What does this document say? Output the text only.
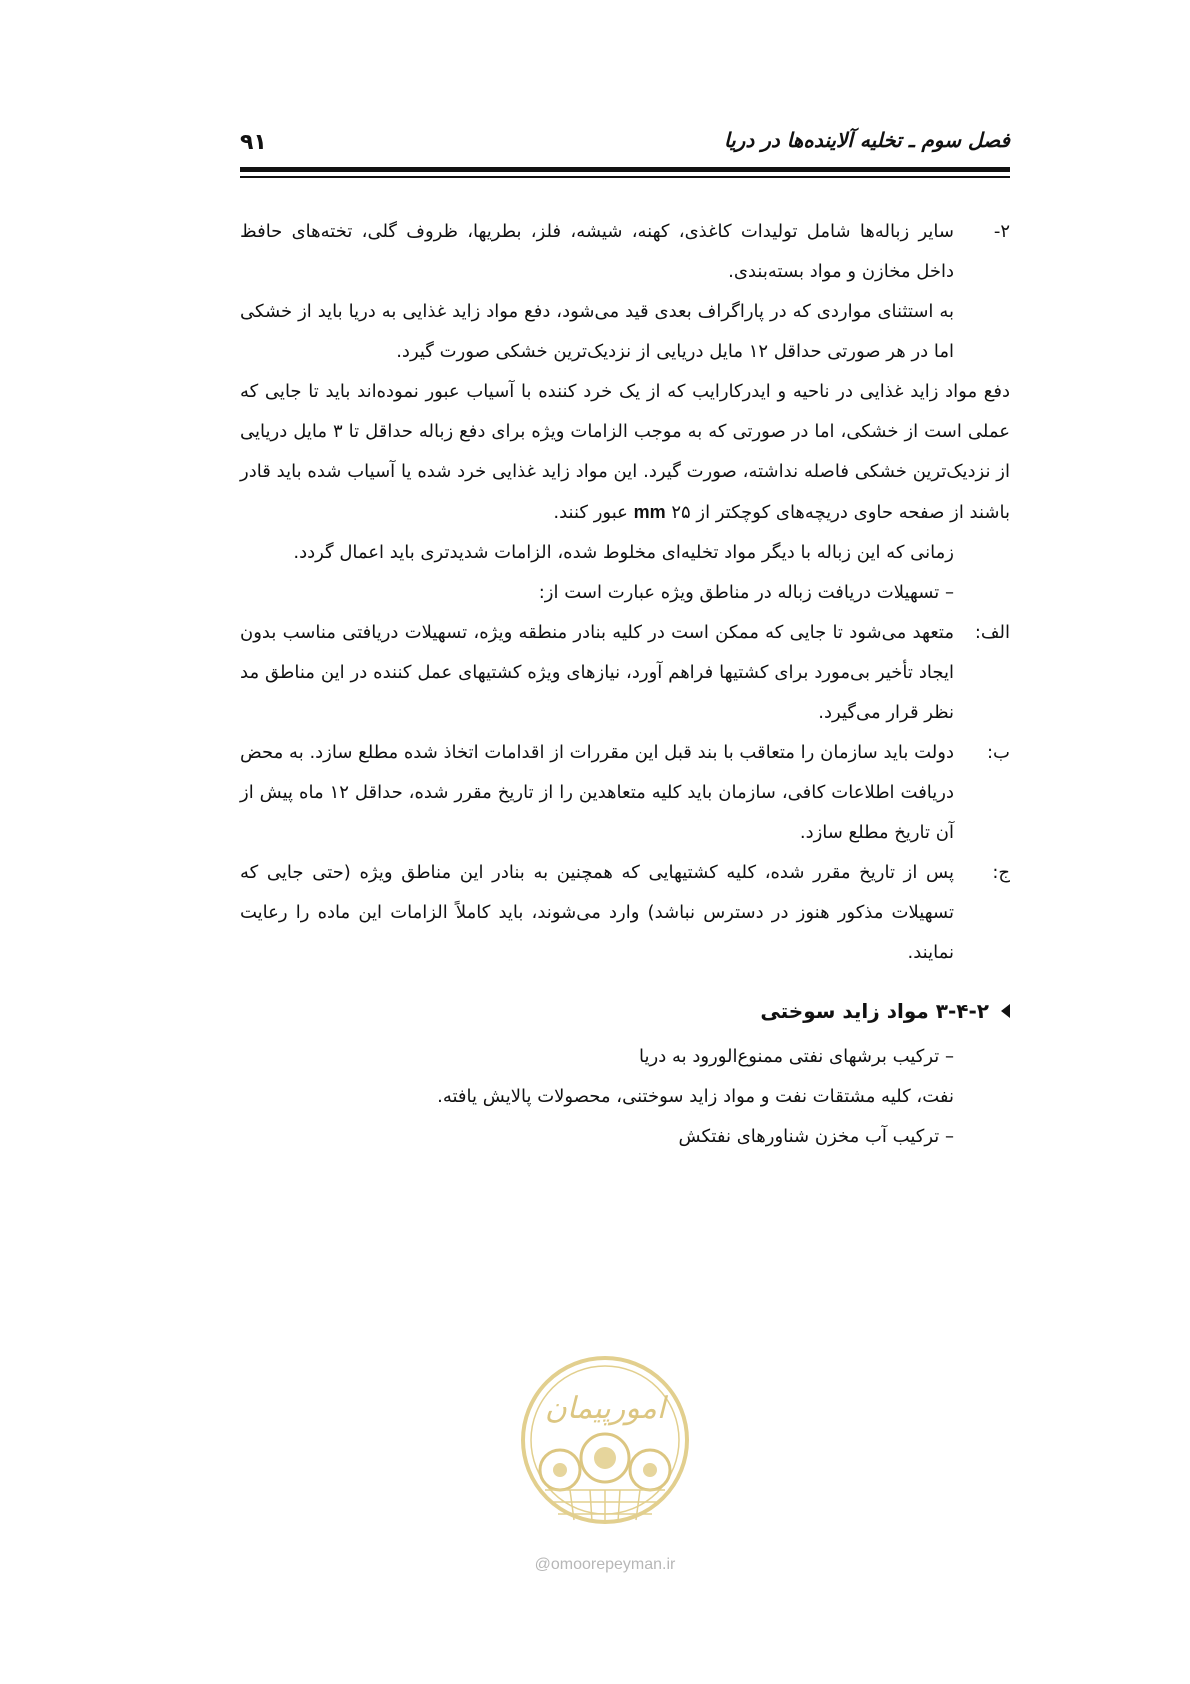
۹۱	فصل سوم ـ تخلیه آلاینده‌ها در دریا
۲-
سایر زباله‌ها شامل تولیدات کاغذی، کهنه، شیشه، فلز، بطریها، ظروف گلی، تخته‌های حافظ داخل مخازن و مواد بسته‌بندی.

به استثنای مواردی که در پاراگراف بعدی قید می‌شود، دفع مواد زاید غذایی به دریا باید از خشکی اما در هر صورتی حداقل ۱۲ مایل دریایی از نزدیک‌ترین خشکی صورت گیرد.

دفع مواد زاید غذایی در ناحیه و ایدرکارایب که از یک خرد کننده با آسیاب عبور نموده‌اند باید تا جایی که عملی است از خشکی، اما در صورتی که به موجب الزامات ویژه برای دفع زباله حداقل تا ۳ مایل دریایی از نزدیک‌ترین خشکی فاصله نداشته، صورت گیرد. این مواد زاید غذایی خرد شده یا آسیاب شده باید قادر باشند از صفحه حاوی دریچه‌های کوچکتر از mm ۲۵ عبور کنند.

زمانی که این زباله با دیگر مواد تخلیه‌ای مخلوط شده، الزامات شدیدتری باید اعمال گردد.

– تسهیلات دریافت زباله در مناطق ویژه عبارت است از:

الف:
متعهد می‌شود تا جایی که ممکن است در کلیه بنادر منطقه ویژه، تسهیلات دریافتی مناسب بدون ایجاد تأخیر بی‌مورد برای کشتیها فراهم آورد، نیازهای ویژه کشتیهای عمل کننده در این مناطق مد نظر قرار می‌گیرد.
ب:
دولت باید سازمان را متعاقب با بند قبل این مقررات از اقدامات اتخاذ شده مطلع سازد. به محض دریافت اطلاعات کافی، سازمان باید کلیه متعاهدین را از تاریخ مقرر شده، حداقل ۱۲ ماه پیش از آن تاریخ مطلع سازد.
ج:
پس از تاریخ مقرر شده، کلیه کشتیهایی که همچنین به بنادر این مناطق ویژه (حتی جایی که تسهیلات مذکور هنوز در دسترس نباشد) وارد می‌شوند، باید کاملاً الزامات این ماده را رعایت نمایند.
۳-۴-۲ مواد زاید سوختی

– ترکیب برشهای نفتی ممنوع‌الورود به دریا

نفت، کلیه مشتقات نفت و مواد زاید سوختنی، محصولات پالایش یافته.

– ترکیب آب مخزن شناورهای نفتکش

امورپیمان
@omoorepeyman.ir
